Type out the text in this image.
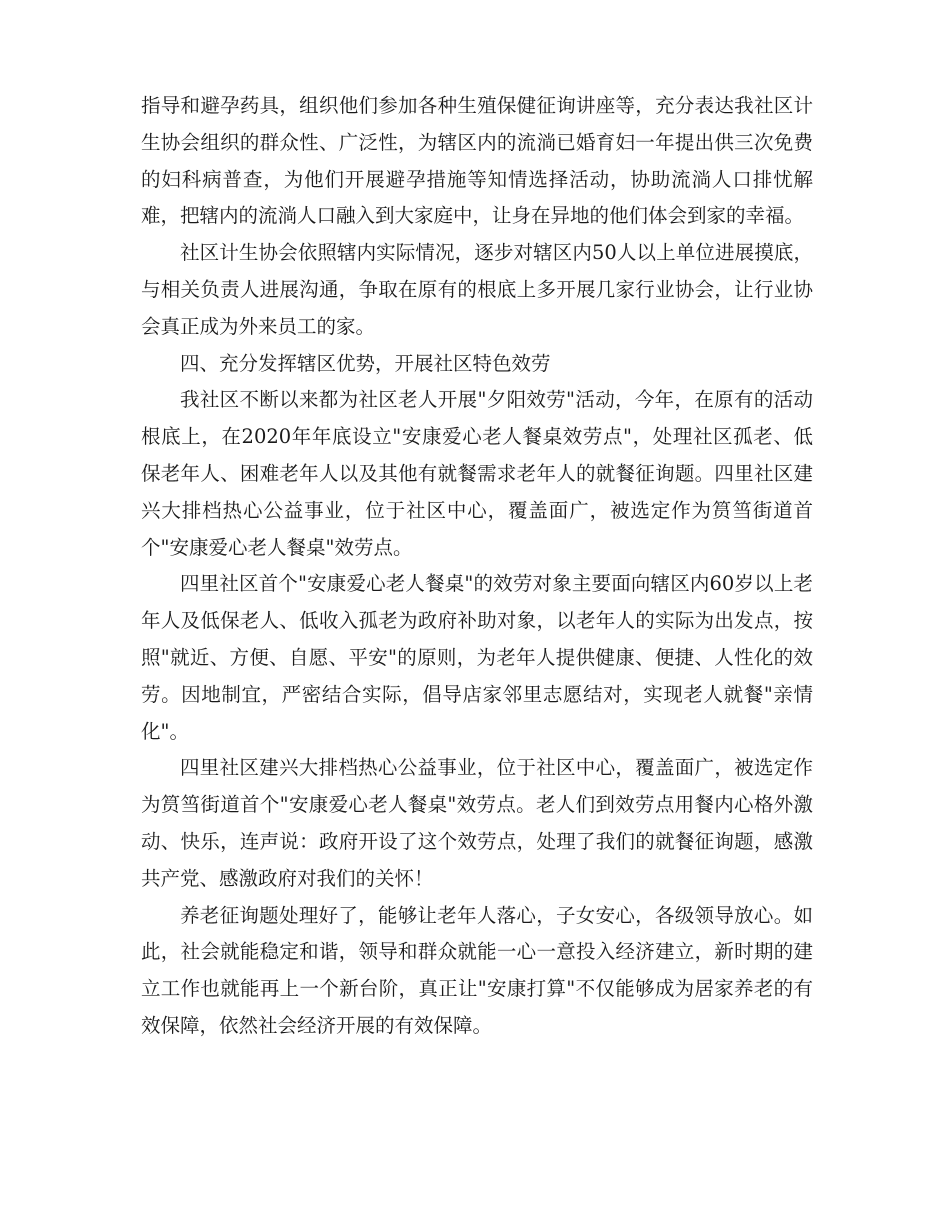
指导和避孕药具，组织他们参加各种生殖保健征询讲座等，充分表达我社区计生协会组织的群众性、广泛性，为辖区内的流淌已婚育妇一年提出供三次免费的妇科病普查，为他们开展避孕措施等知情选择活动，协助流淌人口排忧解难，把辖内的流淌人口融入到大家庭中，让身在异地的他们体会到家的幸福。

社区计生协会依照辖内实际情况，逐步对辖区内50人以上单位进展摸底，与相关负责人进展沟通，争取在原有的根底上多开展几家行业协会，让行业协会真正成为外来员工的家。

四、充分发挥辖区优势，开展社区特色效劳

我社区不断以来都为社区老人开展"夕阳效劳"活动，今年，在原有的活动根底上，在2020年年底设立"安康爱心老人餐桌效劳点"，处理社区孤老、低保老年人、困难老年人以及其他有就餐需求老年人的就餐征询题。四里社区建兴大排档热心公益事业，位于社区中心，覆盖面广，被选定作为筼筜街道首个"安康爱心老人餐桌"效劳点。

四里社区首个"安康爱心老人餐桌"的效劳对象主要面向辖区内60岁以上老年人及低保老人、低收入孤老为政府补助对象，以老年人的实际为出发点，按照"就近、方便、自愿、平安"的原则，为老年人提供健康、便捷、人性化的效劳。因地制宜，严密结合实际，倡导店家邻里志愿结对，实现老人就餐"亲情化"。

四里社区建兴大排档热心公益事业，位于社区中心，覆盖面广，被选定作为筼筜街道首个"安康爱心老人餐桌"效劳点。老人们到效劳点用餐内心格外激动、快乐，连声说：政府开设了这个效劳点，处理了我们的就餐征询题，感激共产党、感激政府对我们的关怀！

养老征询题处理好了，能够让老年人落心，子女安心，各级领导放心。如此，社会就能稳定和谐，领导和群众就能一心一意投入经济建立，新时期的建立工作也就能再上一个新台阶，真正让"安康打算"不仅能够成为居家养老的有效保障，依然社会经济开展的有效保障。
